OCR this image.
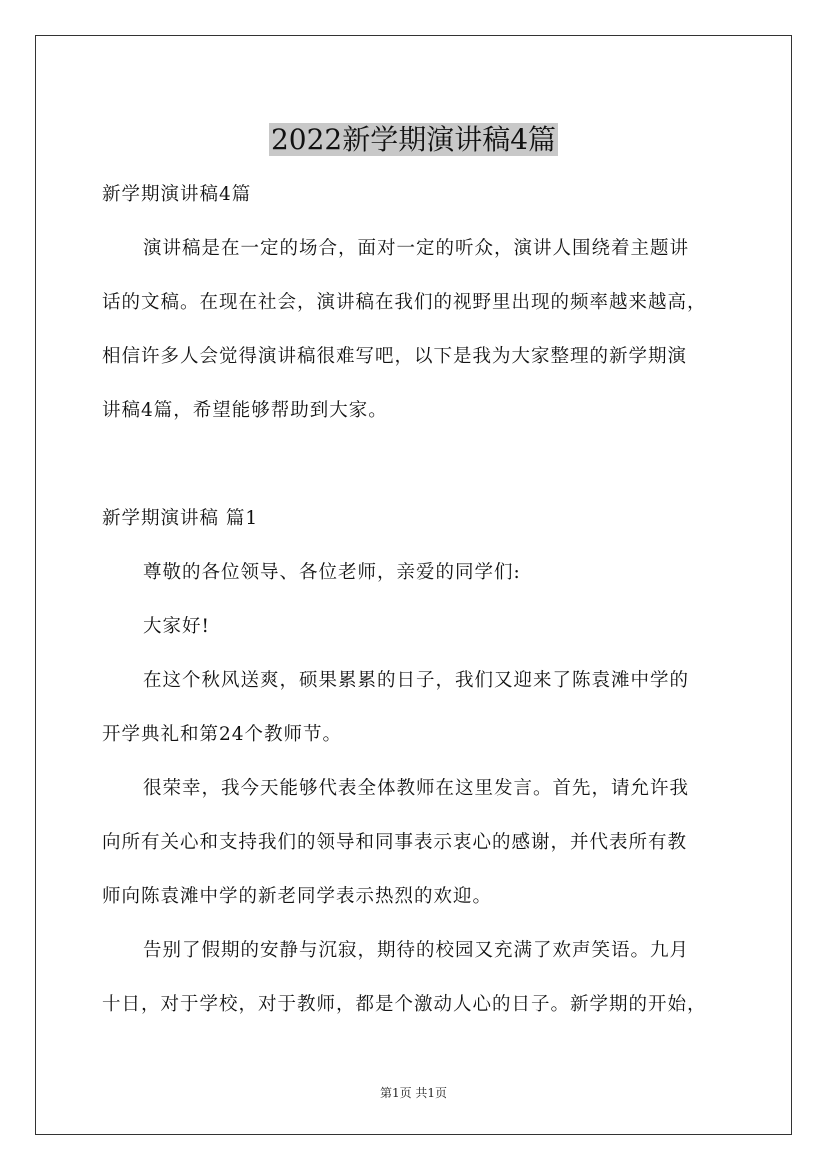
2022新学期演讲稿4篇

新学期演讲稿4篇

演讲稿是在一定的场合，面对一定的听众，演讲人围绕着主题讲

话的文稿。在现在社会，演讲稿在我们的视野里出现的频率越来越高，

相信许多人会觉得演讲稿很难写吧，以下是我为大家整理的新学期演

讲稿4篇，希望能够帮助到大家。

新学期演讲稿 篇1

尊敬的各位领导、各位老师，亲爱的同学们:

大家好!

在这个秋风送爽，硕果累累的日子，我们又迎来了陈袁滩中学的

开学典礼和第24个教师节。

很荣幸，我今天能够代表全体教师在这里发言。首先，请允许我

向所有关心和支持我们的领导和同事表示衷心的感谢，并代表所有教

师向陈袁滩中学的新老同学表示热烈的欢迎。

告别了假期的安静与沉寂，期待的校园又充满了欢声笑语。九月

十日，对于学校，对于教师，都是个激动人心的日子。新学期的开始，

第1页 共1页
